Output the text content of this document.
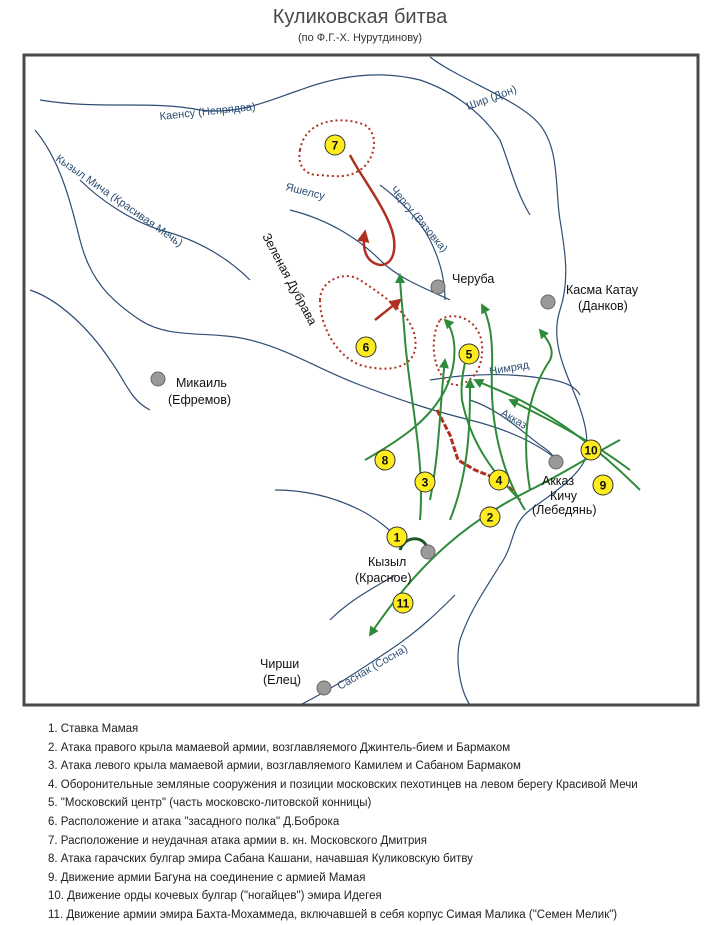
Куликовская битва
(по Ф.Г.-Х. Нурутдинову)
Каенсу (Непрядва)	Шир (Дон)
Кызыл Мича (Красивая Мечь)	Яшелсу	Черсу (Вязовка)
Нимряд
Акказ
Саснак (Сосна)
Черуба
Касма Катау
(Данков)
Микаиль
(Ефремов)
Акказ
Кичу
(Лебедянь)
Кызыл
(Красное)
Чирши
(Елец)
Зеленая Дубрава
1
2
3	4
5
6
7
8
9
10
11
1. Ставка Мамая
2. Атака правого крыла мамаевой армии, возглавляемого Джинтель-бием и Бармаком
3. Атака левого крыла мамаевой армии, возглавляемого Камилем и Сабаном Бармаком
4. Оборонительные земляные сооружения и позиции московских пехотинцев на левом берегу Красивой Мечи
5. "Московский центр" (часть московско-литовской конницы)
6. Расположение и атака "засадного полка" Д.Боброка
7. Расположение и неудачная атака армии в. кн. Московского Дмитрия
8. Атака гарачских булгар эмира Сабана Кашани, начавшая Куликовскую битву
9. Движение армии Багуна на соединение с армией Мамая
10. Движение орды кочевых булгар ("ногайцев") эмира Идегея
11. Движение армии эмира Бахта-Мохаммеда, включавшей в себя корпус Симая Малика ("Семен Мелик")
